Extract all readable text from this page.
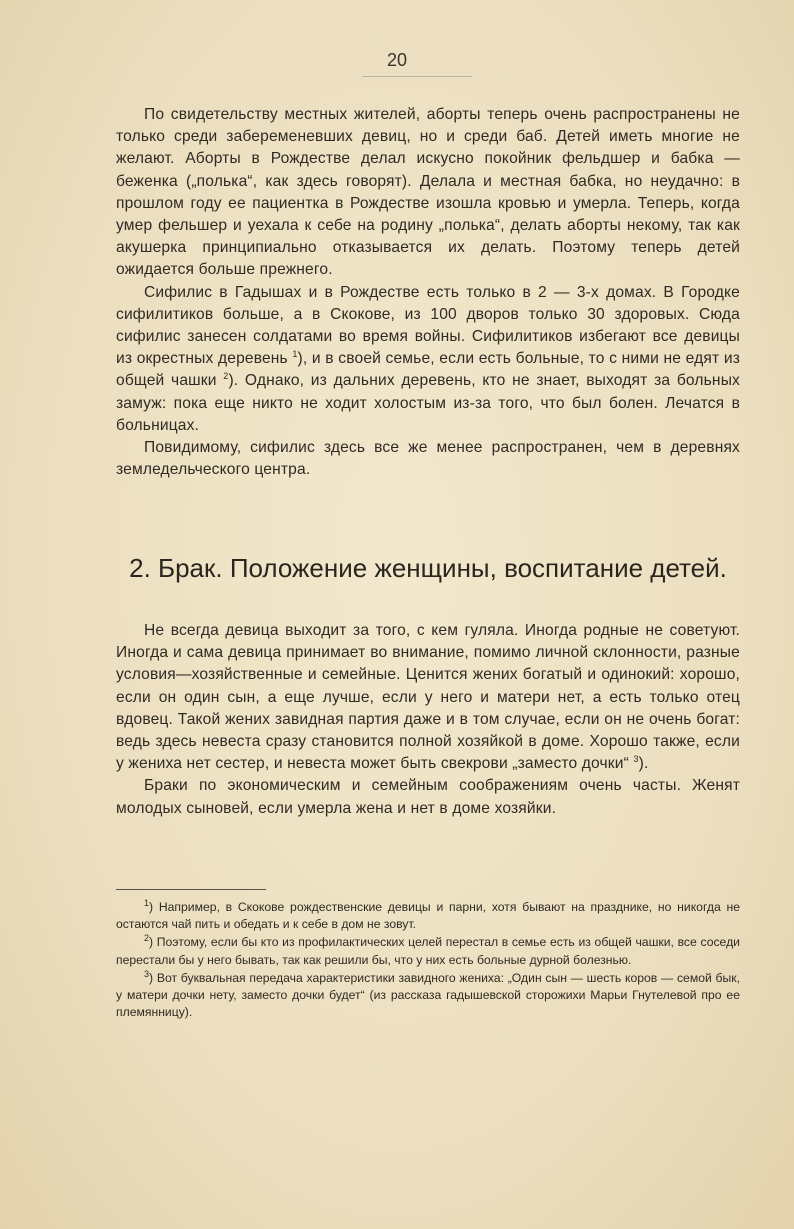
20

По свидетельству местных жителей, аборты теперь очень распространены не только среди забеременевших девиц, но и среди баб. Детей иметь многие не желают. Аборты в Рождестве делал искусно покойник фельдшер и бабка — беженка („полька“, как здесь говорят). Делала и местная бабка, но неудачно: в прошлом году ее пациентка в Рождестве изошла кровью и умерла. Теперь, когда умер фельшер и уехала к себе на родину „полька“, делать аборты некому, так как акушерка принципиально отказывается их делать. Поэтому теперь детей ожидается больше прежнего.

Сифилис в Гадышах и в Рождестве есть только в 2 — 3-х домах. В Городке сифилитиков больше, а в Скокове, из 100 дворов только 30 здоровых. Сюда сифилис занесен солдатами во время войны. Сифилитиков избегают все девицы из окрестных деревень $^1$), и в своей семье, если есть больные, то с ними не едят из общей чашки $^2$). Однако, из дальних деревень, кто не знает, выходят за больных замуж: пока еще никто не ходит холостым из-за того, что был болен. Лечатся в больницах.

Повидимому, сифилис здесь все же менее распространен, чем в деревнях земледельческого центра.

2. Брак. Положение женщины, воспитание детей.

Не всегда девица выходит за того, с кем гуляла. Иногда родные не советуют. Иногда и сама девица принимает во внимание, помимо личной склонности, разные условия—хозяйственные и семейные. Ценится жених богатый и одинокий: хорошо, если он один сын, а еще лучше, если у него и матери нет, а есть только отец вдовец. Такой жених завидная партия даже и в том случае, если он не очень богат: ведь здесь невеста сразу становится полной хозяйкой в доме. Хорошо также, если у жениха нет сестер, и невеста может быть свекрови „заместо дочки“ $^3$).

Браки по экономическим и семейным соображениям очень часты. Женят молодых сыновей, если умерла жена и нет в доме хозяйки.

$^1$) Например, в Скокове рождественские девицы и парни, хотя бывают на празднике, но никогда не остаются чай пить и обедать и к себе в дом не зовут.

$^2$) Поэтому, если бы кто из профилактических целей перестал в семье есть из общей чашки, все соседи перестали бы у него бывать, так как решили бы, что у них есть больные дурной болезнью.

$^3$) Вот буквальная передача характеристики завидного жениха: „Один сын — шесть коров — семой бык, у матери дочки нету, заместо дочки будет“ (из рассказа гадышевской сторожихи Марьи Гнутелевой про ее племянницу).
